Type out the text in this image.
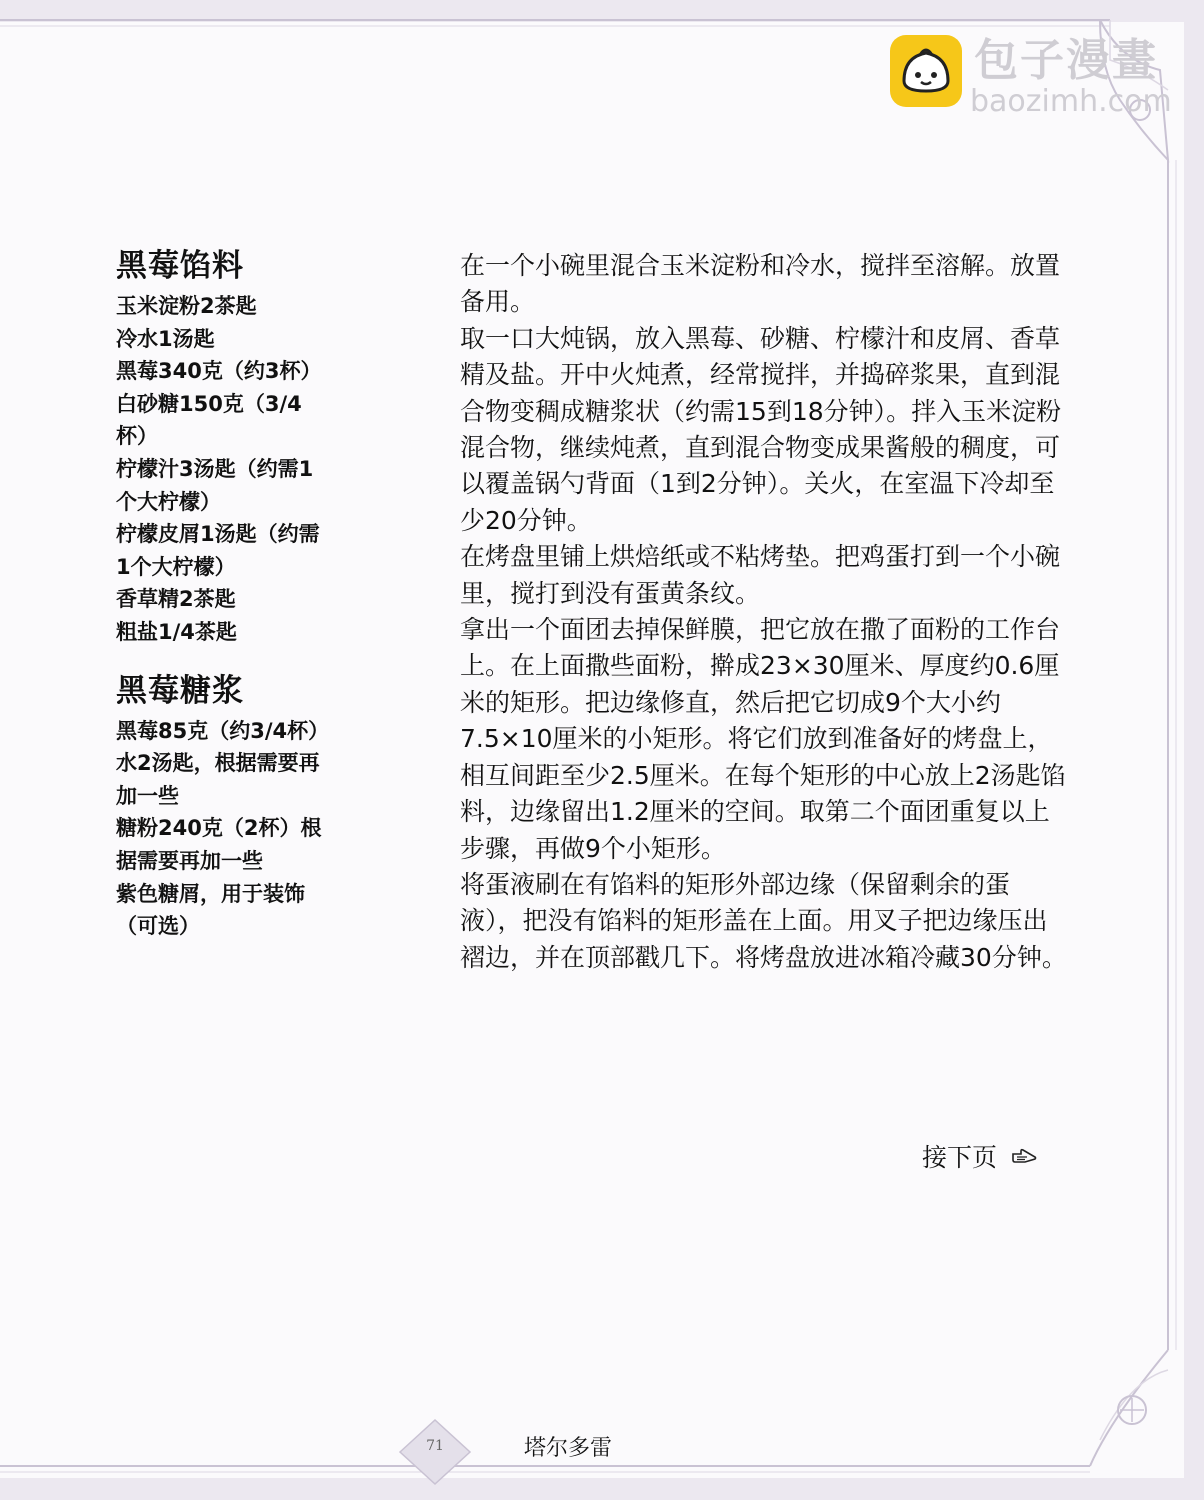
包子漫畫
baozimh.com
黑莓馅料
玉米淀粉2茶匙
冷水1汤匙
黑莓340克（约3杯）
白砂糖150克（3/4
杯）
柠檬汁3汤匙（约需1
个大柠檬）
柠檬皮屑1汤匙（约需
1个大柠檬）
香草精2茶匙
粗盐1/4茶匙
黑莓糖浆
黑莓85克（约3/4杯）
水2汤匙，根据需要再
加一些
糖粉240克（2杯）根
据需要再加一些
紫色糖屑，用于装饰
（可选）

在一个小碗里混合玉米淀粉和冷水，搅拌至溶解。放置备用。

取一口大炖锅，放入黑莓、砂糖、柠檬汁和皮屑、香草精及盐。开中火炖煮，经常搅拌，并捣碎浆果，直到混合物变稠成糖浆状（约需15到18分钟）。拌入玉米淀粉混合物，继续炖煮，直到混合物变成果酱般的稠度，可以覆盖锅勺背面（1到2分钟）。关火，在室温下冷却至少20分钟。

在烤盘里铺上烘焙纸或不粘烤垫。把鸡蛋打到一个小碗里，搅打到没有蛋黄条纹。

拿出一个面团去掉保鲜膜，把它放在撒了面粉的工作台上。在上面撒些面粉，擀成23×30厘米、厚度约0.6厘米的矩形。把边缘修直，然后把它切成9个大小约7.5×10厘米的小矩形。将它们放到准备好的烤盘上，相互间距至少2.5厘米。在每个矩形的中心放上2汤匙馅料，边缘留出1.2厘米的空间。取第二个面团重复以上步骤，再做9个小矩形。

将蛋液刷在有馅料的矩形外部边缘（保留剩余的蛋液），把没有馅料的矩形盖在上面。用叉子把边缘压出褶边，并在顶部戳几下。将烤盘放进冰箱冷藏30分钟。

接下页
71	塔尔多雷
